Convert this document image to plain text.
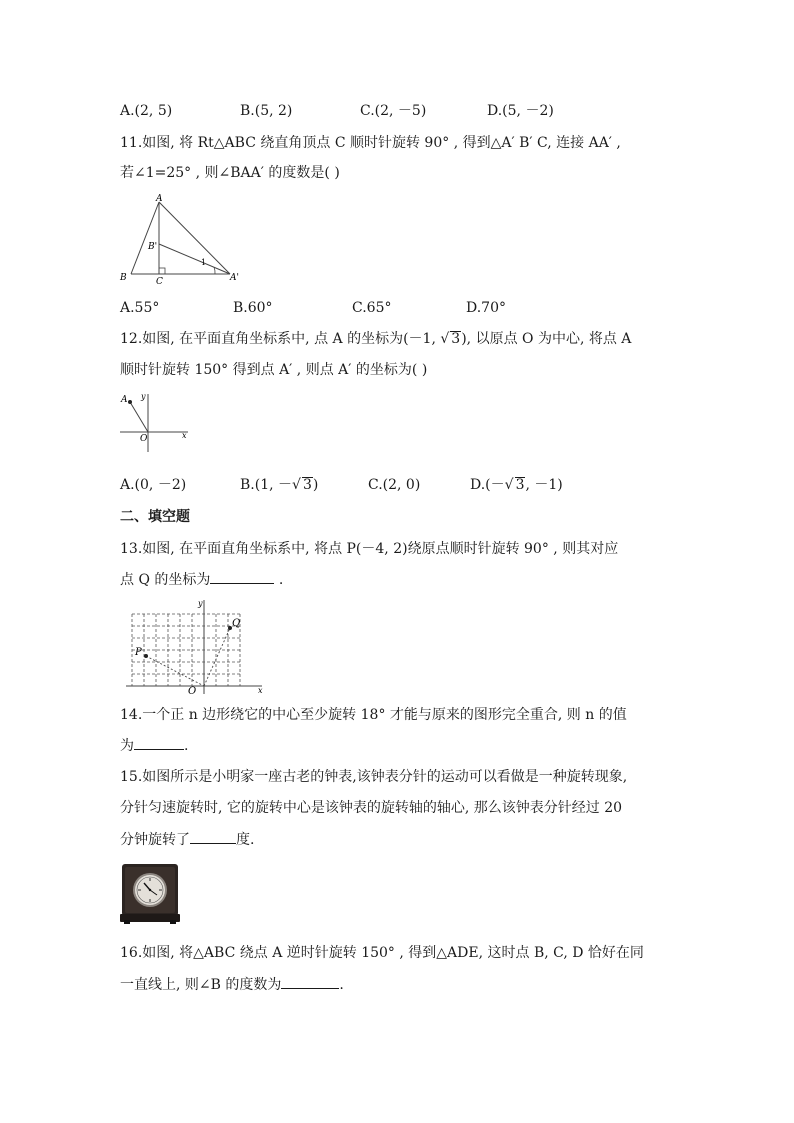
A.(2, 5)	B.(5, 2)	C.(2, －5)	D.(5, －2)
11.如图, 将 Rt△ABC 绕直角顶点 C 顺时针旋转 90° , 得到△A′ B′ C, 连接 AA′ ,
若∠1=25° , 则∠BAA′ 的度数是( )
A
B
B'
C	A'
1
A.55°	B.60°	C.65°	D.70°
12.如图, 在平面直角坐标系中, 点 A 的坐标为(－1, √ 3), 以原点 O 为中心, 将点 A
顺时针旋转 150° 得到点 A′ , 则点 A′ 的坐标为( )
A y
O	x
A.(0, －2)	B.(1, －√ 3)	C.(2, 0)	D.(－√ 3, －1)
二、填空题
13.如图, 在平面直角坐标系中, 将点 P(－4, 2)绕原点顺时针旋转 90° , 则其对应
点 Q 的坐标为	.
P
Q
O	x
y
14.一个正 n 边形绕它的中心至少旋转 18° 才能与原来的图形完全重合, 则 n 的值
为	.
15.如图所示是小明家一座古老的钟表,该钟表分针的运动可以看做是一种旋转现象,
分针匀速旋转时, 它的旋转中心是该钟表的旋转轴的轴心, 那么该钟表分针经过 20
分钟旋转了	度.
16.如图, 将△ABC 绕点 A 逆时针旋转 150° , 得到△ADE, 这时点 B, C, D 恰好在同
一直线上, 则∠B 的度数为	.
